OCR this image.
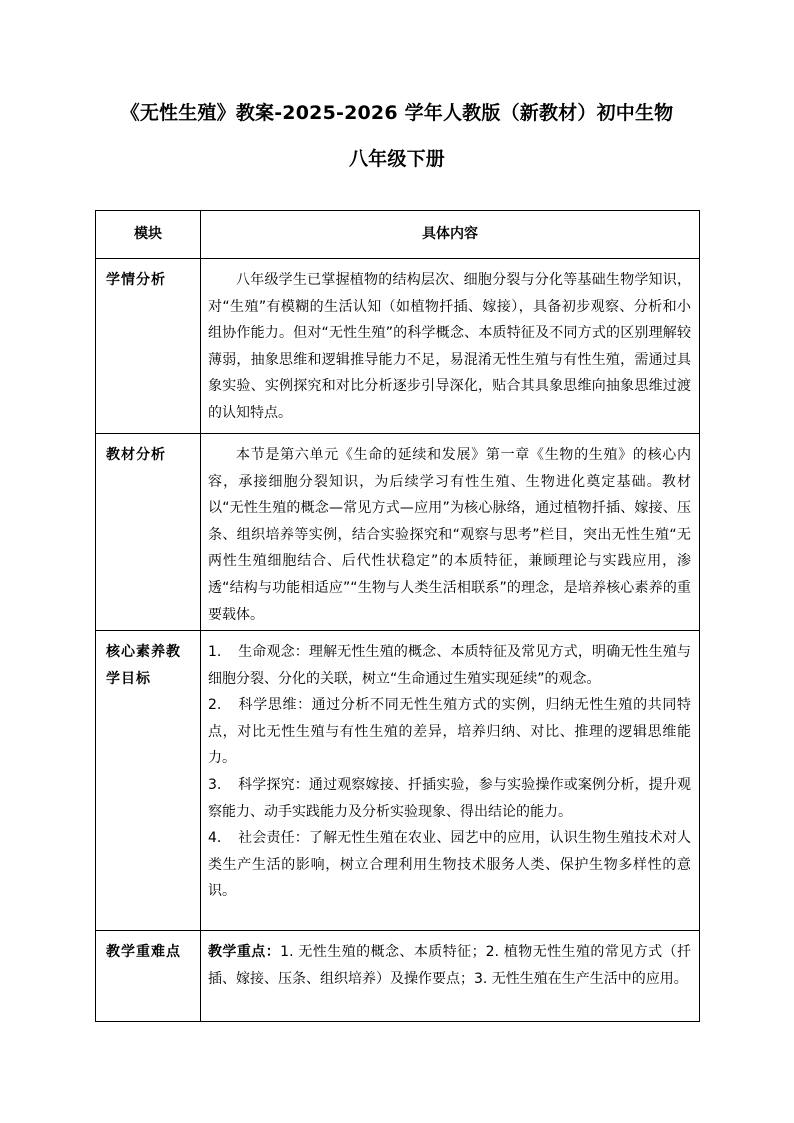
《无性生殖》教案-2025-2026 学年人教版（新教材）初中生物
八年级下册
模块	具体内容
学情分析	八年级学生已掌握植物的结构层次、细胞分裂与分化等基础生物学知识，对“生殖”有模糊的生活认知（如植物扦插、嫁接），具备初步观察、分析和小组协作能力。但对“无性生殖”的科学概念、本质特征及不同方式的区别理解较薄弱，抽象思维和逻辑推导能力不足，易混淆无性生殖与有性生殖，需通过具象实验、实例探究和对比分析逐步引导深化，贴合其具象思维向抽象思维过渡的认知特点。

教材分析	本节是第六单元《生命的延续和发展》第一章《生物的生殖》的核心内容，承接细胞分裂知识，为后续学习有性生殖、生物进化奠定基础。教材以“无性生殖的概念—常见方式—应用”为核心脉络，通过植物扦插、嫁接、压条、组织培养等实例，结合实验探究和“观察与思考”栏目，突出无性生殖“无两性生殖细胞结合、后代性状稳定”的本质特征，兼顾理论与实践应用，渗透“结构与功能相适应”“生物与人类生活相联系”的理念，是培养核心素养的重要载体。

核心素养教学目标	1. 生命观念：理解无性生殖的概念、本质特征及常见方式，明确无性生殖与细胞分裂、分化的关联，树立“生命通过生殖实现延续”的观念。

2. 科学思维：通过分析不同无性生殖方式的实例，归纳无性生殖的共同特点，对比无性生殖与有性生殖的差异，培养归纳、对比、推理的逻辑思维能力。

3. 科学探究：通过观察嫁接、扦插实验，参与实验操作或案例分析，提升观察能力、动手实践能力及分析实验现象、得出结论的能力。

4. 社会责任：了解无性生殖在农业、园艺中的应用，认识生物生殖技术对人类生产生活的影响，树立合理利用生物技术服务人类、保护生物多样性的意识。

教学重难点	教学重点：1. 无性生殖的概念、本质特征；2. 植物无性生殖的常见方式（扦插、嫁接、压条、组织培养）及操作要点；3. 无性生殖在生产生活中的应用。
